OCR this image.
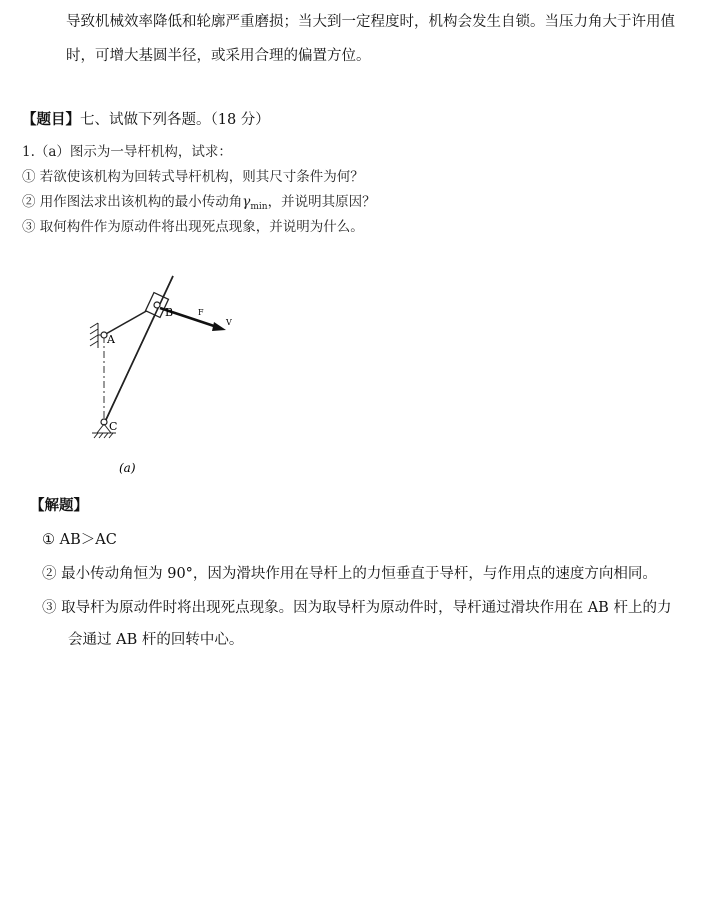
导致机械效率降低和轮廓严重磨损；当大到一定程度时，机构会发生自锁。当压力角大于许用值
时，可增大基圆半径，或采用合理的偏置方位。
【题目】七、试做下列各题。（18 分）
1.（a）图示为一导杆机构，试求：
① 若欲使该机构为回转式导杆机构，则其尺寸条件为何？
② 用作图法求出该机构的最小传动角$\gamma_{min}$，并说明其原因？
③ 取何构件作为原动件将出现死点现象，并说明为什么。
A
B
C
F
V
(a)
【解题】
① AB＞AC
② 最小传动角恒为 90°，因为滑块作用在导杆上的力恒垂直于导杆，与作用点的速度方向相同。
③ 取导杆为原动件时将出现死点现象。因为取导杆为原动件时，导杆通过滑块作用在 AB 杆上的力
会通过 AB 杆的回转中心。
